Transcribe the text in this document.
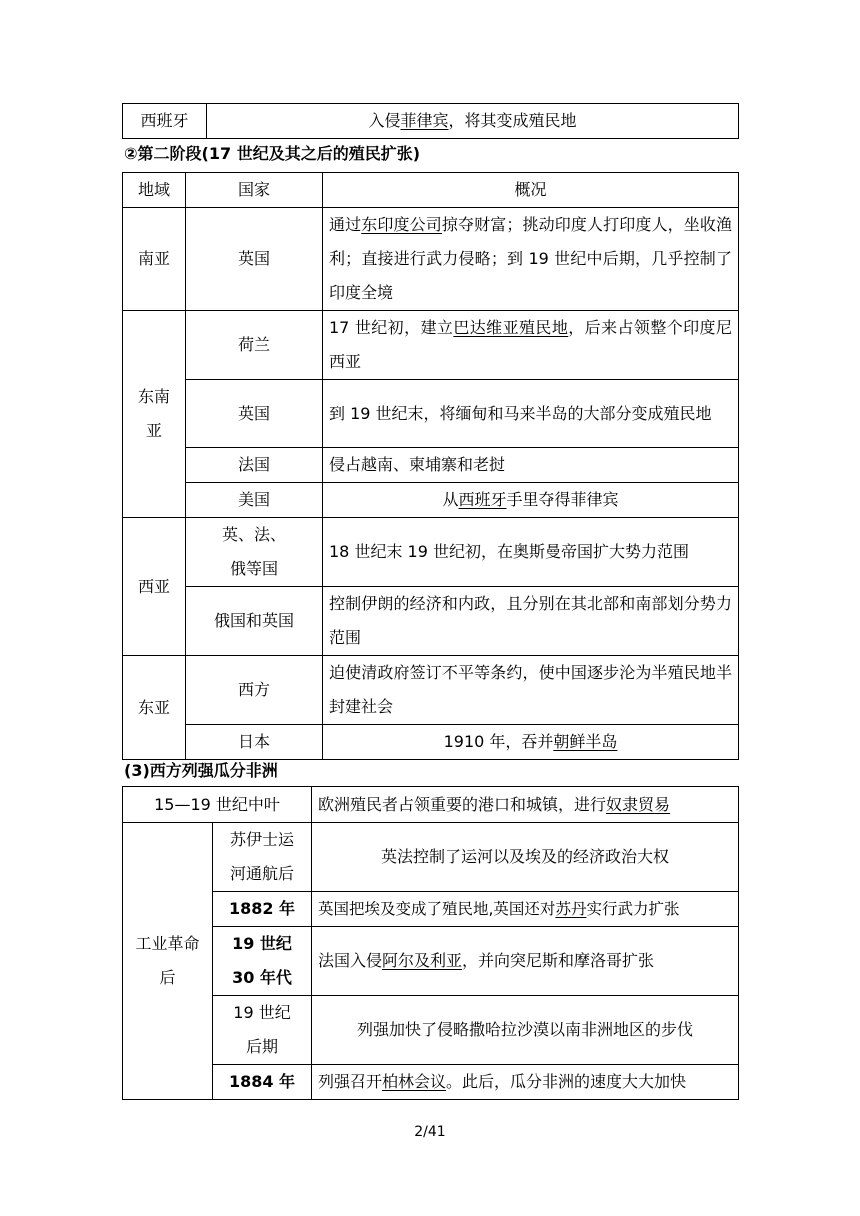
西班牙	入侵菲律宾，将其变成殖民地
②第二阶段(17 世纪及其之后的殖民扩张)
地域	国家	概况
南亚	英国	通过东印度公司掠夺财富；挑动印度人打印度人，坐收渔利；直接进行武力侵略；到 19 世纪中后期，几乎控制了印度全境

东南亚	荷兰	17 世纪初，建立巴达维亚殖民地，后来占领整个印度尼西亚
	英国	到 19 世纪末，将缅甸和马来半岛的大部分变成殖民地
	法国	侵占越南、柬埔寨和老挝
	美国	从西班牙手里夺得菲律宾
西亚	英、法、俄等国	18 世纪末 19 世纪初，在奥斯曼帝国扩大势力范围
	俄国和英国	控制伊朗的经济和内政，且分别在其北部和南部划分势力范围
东亚	西方	迫使清政府签订不平等条约，使中国逐步沦为半殖民地半封建社会
	日本	1910 年，吞并朝鲜半岛
(3)西方列强瓜分非洲
15—19 世纪中叶		欧洲殖民者占领重要的港口和城镇，进行奴隶贸易

工业革命后	苏伊士运河通航后	英法控制了运河以及埃及的经济政治大权
	1882 年	英国把埃及变成了殖民地,英国还对苏丹实行武力扩张

	19 世纪 30 年代	法国入侵阿尔及利亚，并向突尼斯和摩洛哥扩张

	19 世纪后期	列强加快了侵略撒哈拉沙漠以南非洲地区的步伐
	1884 年	列强召开柏林会议。此后，瓜分非洲的速度大大加快
2/41
